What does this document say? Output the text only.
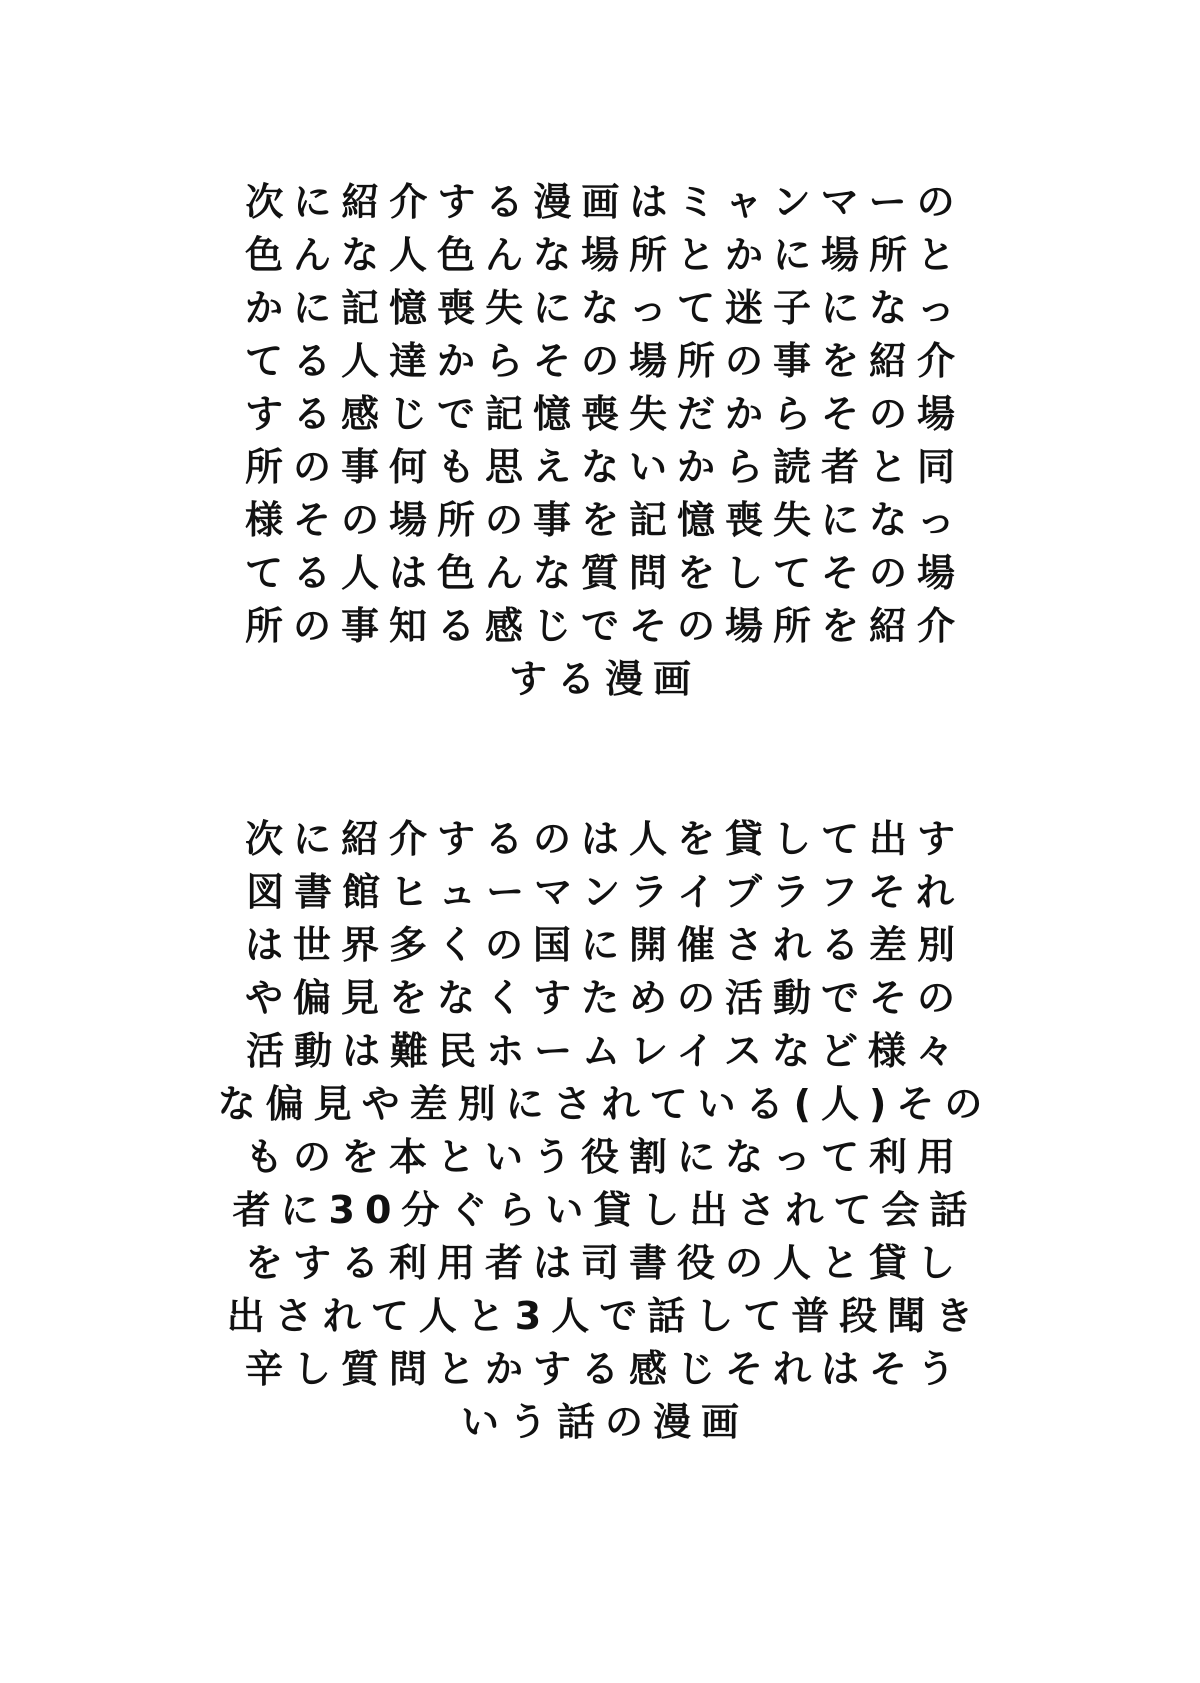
次に紹介する漫画はミャンマーの
色んな人色んな場所とかに場所と
かに記憶喪失になって迷子になっ
てる人達からその場所の事を紹介
する感じで記憶喪失だからその場
所の事何も思えないから読者と同
様その場所の事を記憶喪失になっ
てる人は色んな質問をしてその場
所の事知る感じでその場所を紹介
する漫画
次に紹介するのは人を貸して出す
図書館ヒューマンライブラフそれ
は世界多くの国に開催される差別
や偏見をなくすための活動でその
活動は難民ホームレイスなど様々
な偏見や差別にされている(人)その
ものを本という役割になって利用
者に30分ぐらい貸し出されて会話
をする利用者は司書役の人と貸し
出されて人と3人で話して普段聞き
辛し質問とかする感じそれはそう
いう話の漫画
